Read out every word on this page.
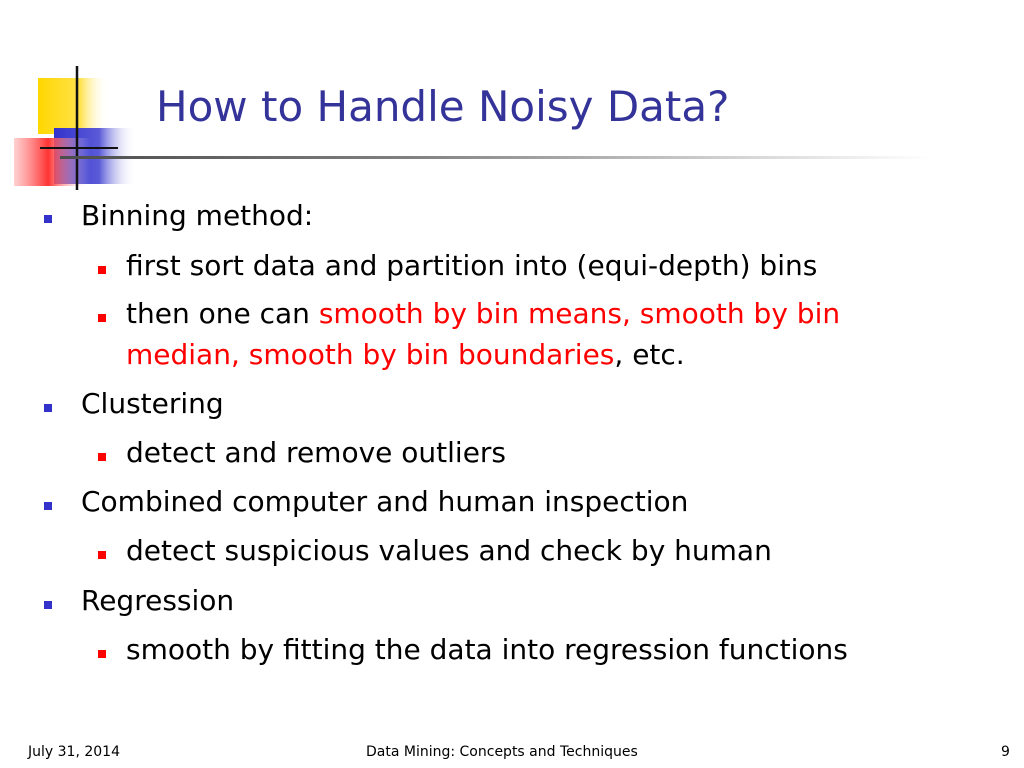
How to Handle Noisy Data?
Binning method:
first sort data and partition into (equi-depth) bins
then one can smooth by bin means, smooth by bin
median, smooth by bin boundaries, etc.
Clustering
detect and remove outliers
Combined computer and human inspection
detect suspicious values and check by human
Regression
smooth by fitting the data into regression functions
July 31, 2014	Data Mining: Concepts and Techniques	9
